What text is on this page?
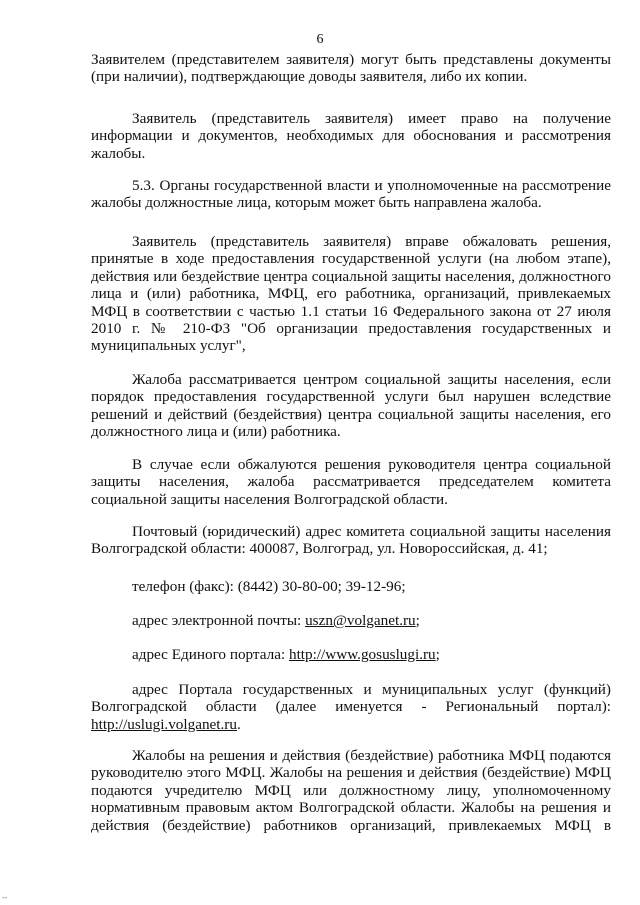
6
Заявителем (представителем заявителя) могут быть представлены документы
(при наличии), подтверждающие доводы заявителя, либо их копии.
Заявитель (представитель заявителя) имеет право на получение
информации и документов, необходимых для обоснования и рассмотрения
жалобы.
5.3. Органы государственной власти и уполномоченные на рассмотрение
жалобы должностные лица, которым может быть направлена жалоба.
Заявитель (представитель заявителя) вправе обжаловать решения,
принятые в ходе предоставления государственной услуги (на любом этапе),
действия или бездействие центра социальной защиты населения, должностного
лица и (или) работника, МФЦ, его работника, организаций, привлекаемых
МФЦ в соответствии с частью 1.1 статьи 16 Федерального закона от 27 июля
2010 г. № 210-ФЗ "Об организации предоставления государственных и
муниципальных услуг",
Жалоба рассматривается центром социальной защиты населения, если
порядок предоставления государственной услуги был нарушен вследствие
решений и действий (бездействия) центра социальной защиты населения, его
должностного лица и (или) работника.
В случае если обжалуются решения руководителя центра социальной
защиты населения, жалоба рассматривается председателем комитета
социальной защиты населения Волгоградской области.
Почтовый (юридический) адрес комитета социальной защиты населения
Волгоградской области: 400087, Волгоград, ул. Новороссийская, д. 41;
телефон (факс): (8442) 30-80-00; 39-12-96;
адрес электронной почты: uszn@volganet.ru;
адрес Единого портала: http://www.gosuslugi.ru;
адрес Портала государственных и муниципальных услуг (функций)
Волгоградской области (далее именуется - Региональный портал):
http://uslugi.volganet.ru.
Жалобы на решения и действия (бездействие) работника МФЦ подаются
руководителю этого МФЦ. Жалобы на решения и действия (бездействие) МФЦ
подаются учредителю МФЦ или должностному лицу, уполномоченному
нормативным правовым актом Волгоградской области. Жалобы на решения и
действия (бездействие) работников организаций, привлекаемых МФЦ в
--
